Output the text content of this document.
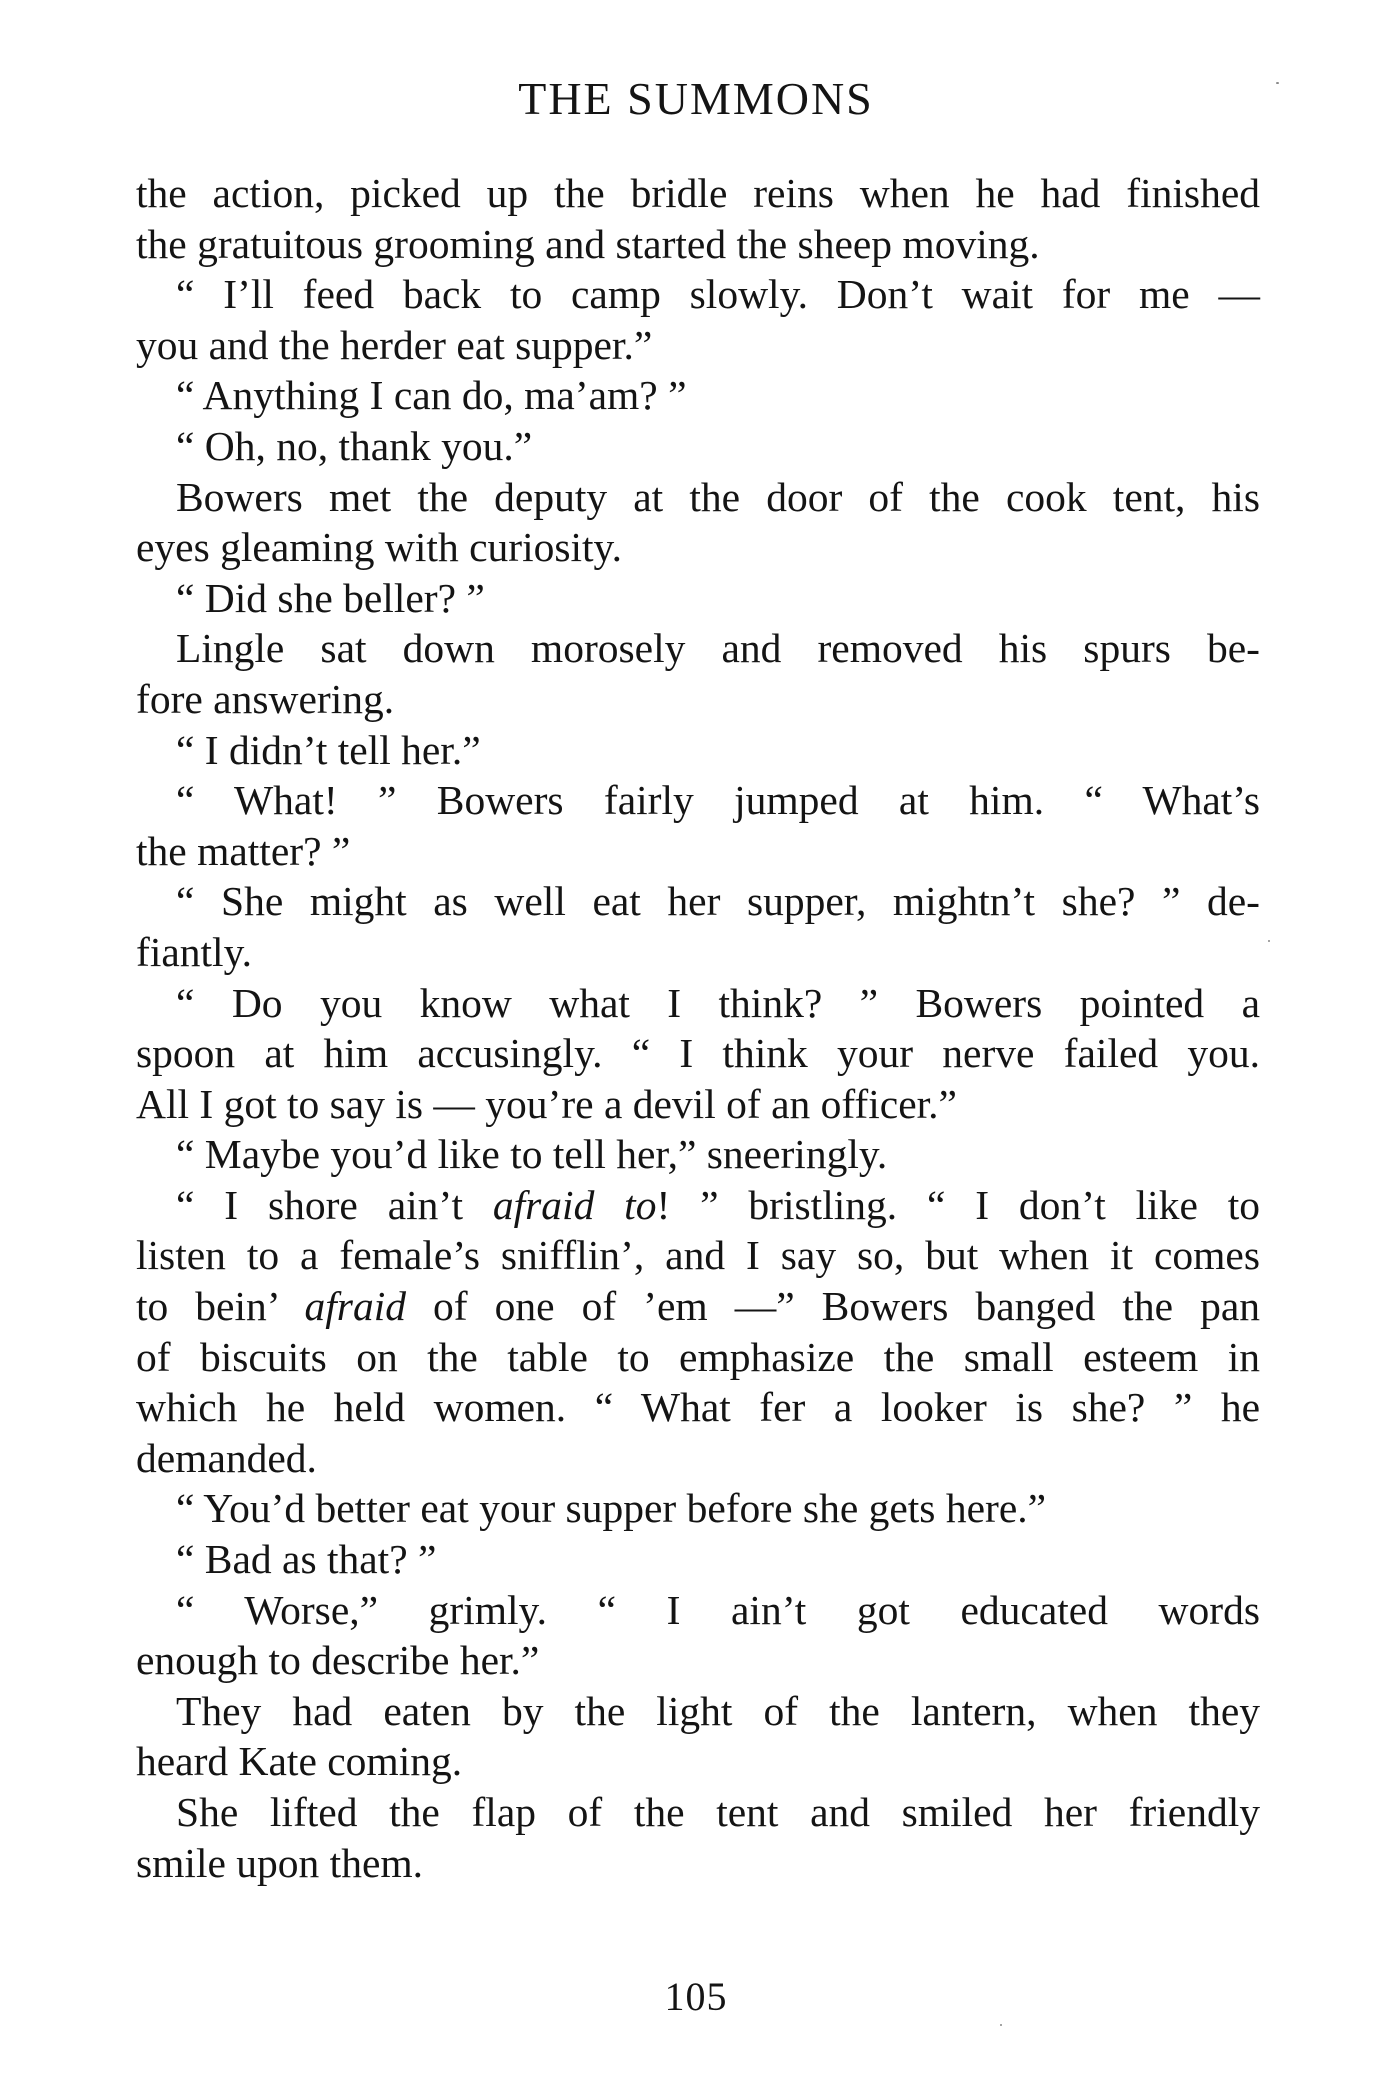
THE SUMMONS
the action, picked up the bridle reins when he had finished
the gratuitous grooming and started the sheep moving.
“ I’ll feed back to camp slowly. Don’t wait for me —
you and the herder eat supper.”
“ Anything I can do, ma’am? ”
“ Oh, no, thank you.”
Bowers met the deputy at the door of the cook tent, his
eyes gleaming with curiosity.
“ Did she beller? ”
Lingle sat down morosely and removed his spurs be-
fore answering.
“ I didn’t tell her.”
“ What! ” Bowers fairly jumped at him. “ What’s
the matter? ”
“ She might as well eat her supper, mightn’t she? ” de-
fiantly.
“ Do you know what I think? ” Bowers pointed a
spoon at him accusingly. “ I think your nerve failed you.
All I got to say is — you’re a devil of an officer.”
“ Maybe you’d like to tell her,” sneeringly.
“ I shore ain’t afraid to! ” bristling. “ I don’t like to
listen to a female’s snifflin’, and I say so, but when it comes
to bein’ afraid of one of ’em —” Bowers banged the pan
of biscuits on the table to emphasize the small esteem in
which he held women. “ What fer a looker is she? ” he
demanded.
“ You’d better eat your supper before she gets here.”
“ Bad as that? ”
“ Worse,” grimly. “ I ain’t got educated words
enough to describe her.”
They had eaten by the light of the lantern, when they
heard Kate coming.
She lifted the flap of the tent and smiled her friendly
smile upon them.
105
